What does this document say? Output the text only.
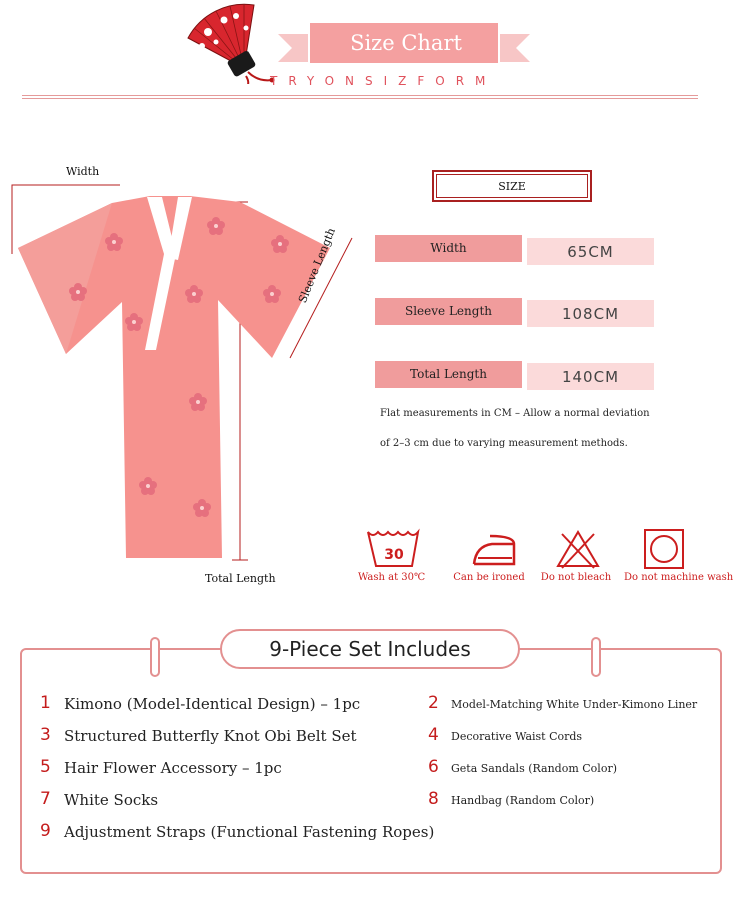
Size Chart
TRYONSIZFORM
Width
Sleeve Length
Total Length
SIZE
Width	65CM
Sleeve Length	108CM
Total Length	140CM
Flat measurements in CM – Allow a normal deviation
of 2–3 cm due to varying measurement methods.
30
Wash at 30℃	Can be ironed Do not bleach Do not machine wash
9-Piece Set Includes
1 Kimono (Model-Identical Design) – 1pc
3 Structured Butterfly Knot Obi Belt Set
5 Hair Flower Accessory – 1pc
7 White Socks
9 Adjustment Straps (Functional Fastening Ropes)
2 Model-Matching White Under-Kimono Liner
4 Decorative Waist Cords
6 Geta Sandals (Random Color)
8 Handbag (Random Color)
